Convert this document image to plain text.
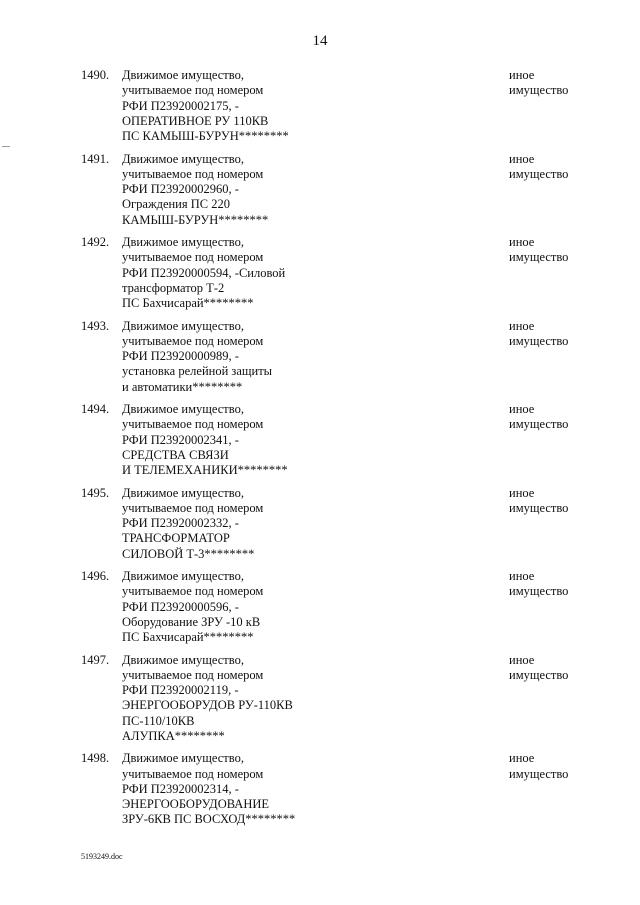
14
1490. Движимое имущество,
учитываемое под номером
РФИ П23920002175, -
ОПЕРАТИВНОЕ РУ 110КВ
ПС КАМЫШ-БУРУН********
иное
имущество
1491. Движимое имущество,
учитываемое под номером
РФИ П23920002960, -
Ограждения ПС 220
КАМЫШ-БУРУН********
иное
имущество
1492. Движимое имущество,
учитываемое под номером
РФИ П23920000594, -Силовой
трансформатор Т-2
ПС Бахчисарай********
иное
имущество
1493. Движимое имущество,
учитываемое под номером
РФИ П23920000989, -
установка релейной защиты
и автоматики********
иное
имущество
1494. Движимое имущество,
учитываемое под номером
РФИ П23920002341, -
СРЕДСТВА СВЯЗИ
И ТЕЛЕМЕХАНИКИ********
иное
имущество
1495. Движимое имущество,
учитываемое под номером
РФИ П23920002332, -
ТРАНСФОРМАТОР
СИЛОВОЙ Т-3********
иное
имущество
1496. Движимое имущество,
учитываемое под номером
РФИ П23920000596, -
Оборудование ЗРУ -10 кВ
ПС Бахчисарай********
иное
имущество
1497. Движимое имущество,
учитываемое под номером
РФИ П23920002119, -
ЭНЕРГООБОРУДОВ РУ-110КВ
ПС-110/10КВ
АЛУПКА********
иное
имущество
1498. Движимое имущество,
учитываемое под номером
РФИ П23920002314, -
ЭНЕРГООБОРУДОВАНИЕ
ЗРУ-6КВ ПС ВОСХОД********
иное
имущество
5193249.doc
